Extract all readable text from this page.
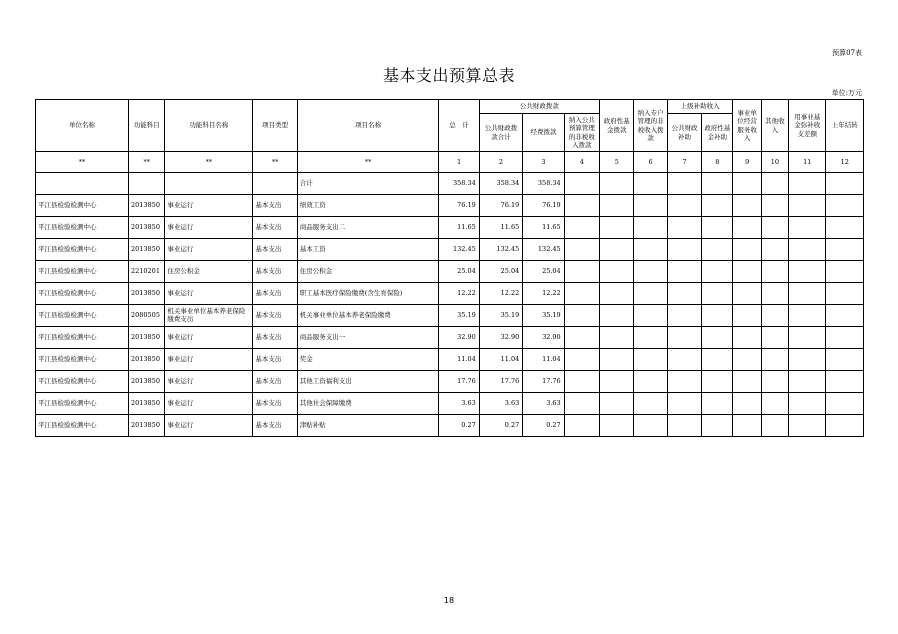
预算07表
基本支出预算总表
单位:万元
单位名称	功能科目	功能科目名称	项目类型	项目名称	总　计	公共财政拨款			政府性基金拨款	纳入专户管理的非税收入拨款	上级补助收入		事业单位经营服务收入	其他收入	用事业基金弥补收支差额	上年结转
						公共财政拨款合计	经费拨款	纳入公共预算管理的非税收入拨款			公共财政补助	政府性基金补助				
**	**	**	**	**	1	2	3	4	5	6	7	8	9	10	11	12
				合计	358.34	358.34	358.34									
平江县检验检测中心	2013850	事业运行	基本支出	绩效工资	76.19	76.19	76.19									
平江县检验检测中心	2013850	事业运行	基本支出	商品服务支出二	11.65	11.65	11.65									
平江县检验检测中心	2013850	事业运行	基本支出	基本工资	132.45	132.45	132.45									
平江县检验检测中心	2210201	住房公积金	基本支出	住房公积金	25.04	25.04	25.04									
平江县检验检测中心	2013850	事业运行	基本支出	职工基本医疗保险缴费(含生育保险)	12.22	12.22	12.22									
平江县检验检测中心	2080505	机关事业单位基本养老保险缴费支出	基本支出	机关事业单位基本养老保险缴费	35.19	35.19	35.19									
平江县检验检测中心	2013850	事业运行	基本支出	商品服务支出一	32.90	32.90	32.90									
平江县检验检测中心	2013850	事业运行	基本支出	奖金	11.04	11.04	11.04									
平江县检验检测中心	2013850	事业运行	基本支出	其他工资福利支出	17.76	17.76	17.76									
平江县检验检测中心	2013850	事业运行	基本支出	其他社会保障缴费	3.63	3.63	3.63									
平江县检验检测中心	2013850	事业运行	基本支出	津贴补贴	0.27	0.27	0.27									
18
